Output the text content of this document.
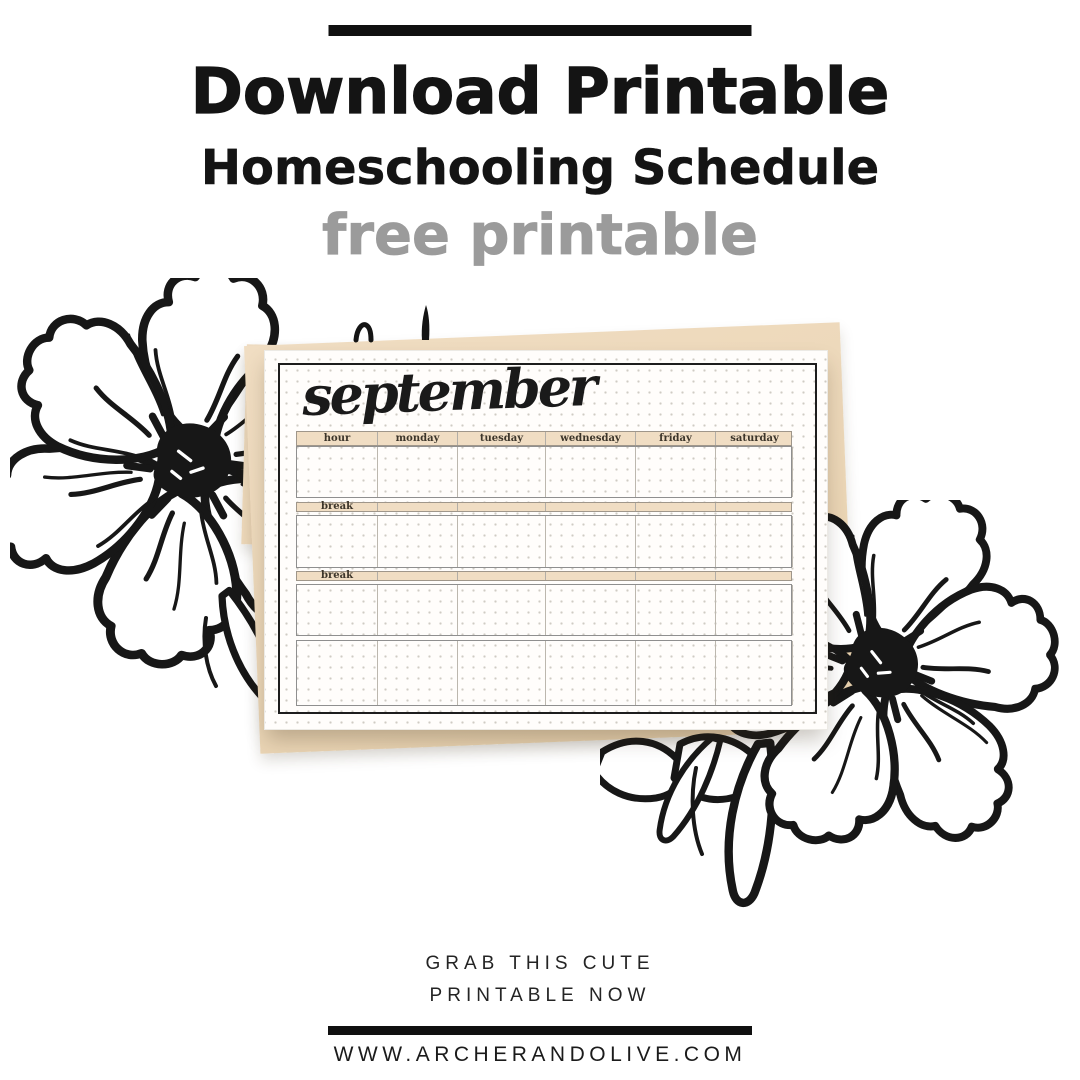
Download Printable
Homeschooling Schedule
free printable
september
hour	monday	tuesday	wednesday	friday	saturday
break
break
GRAB THIS CUTE
PRINTABLE NOW
WWW.ARCHERANDOLIVE.COM
